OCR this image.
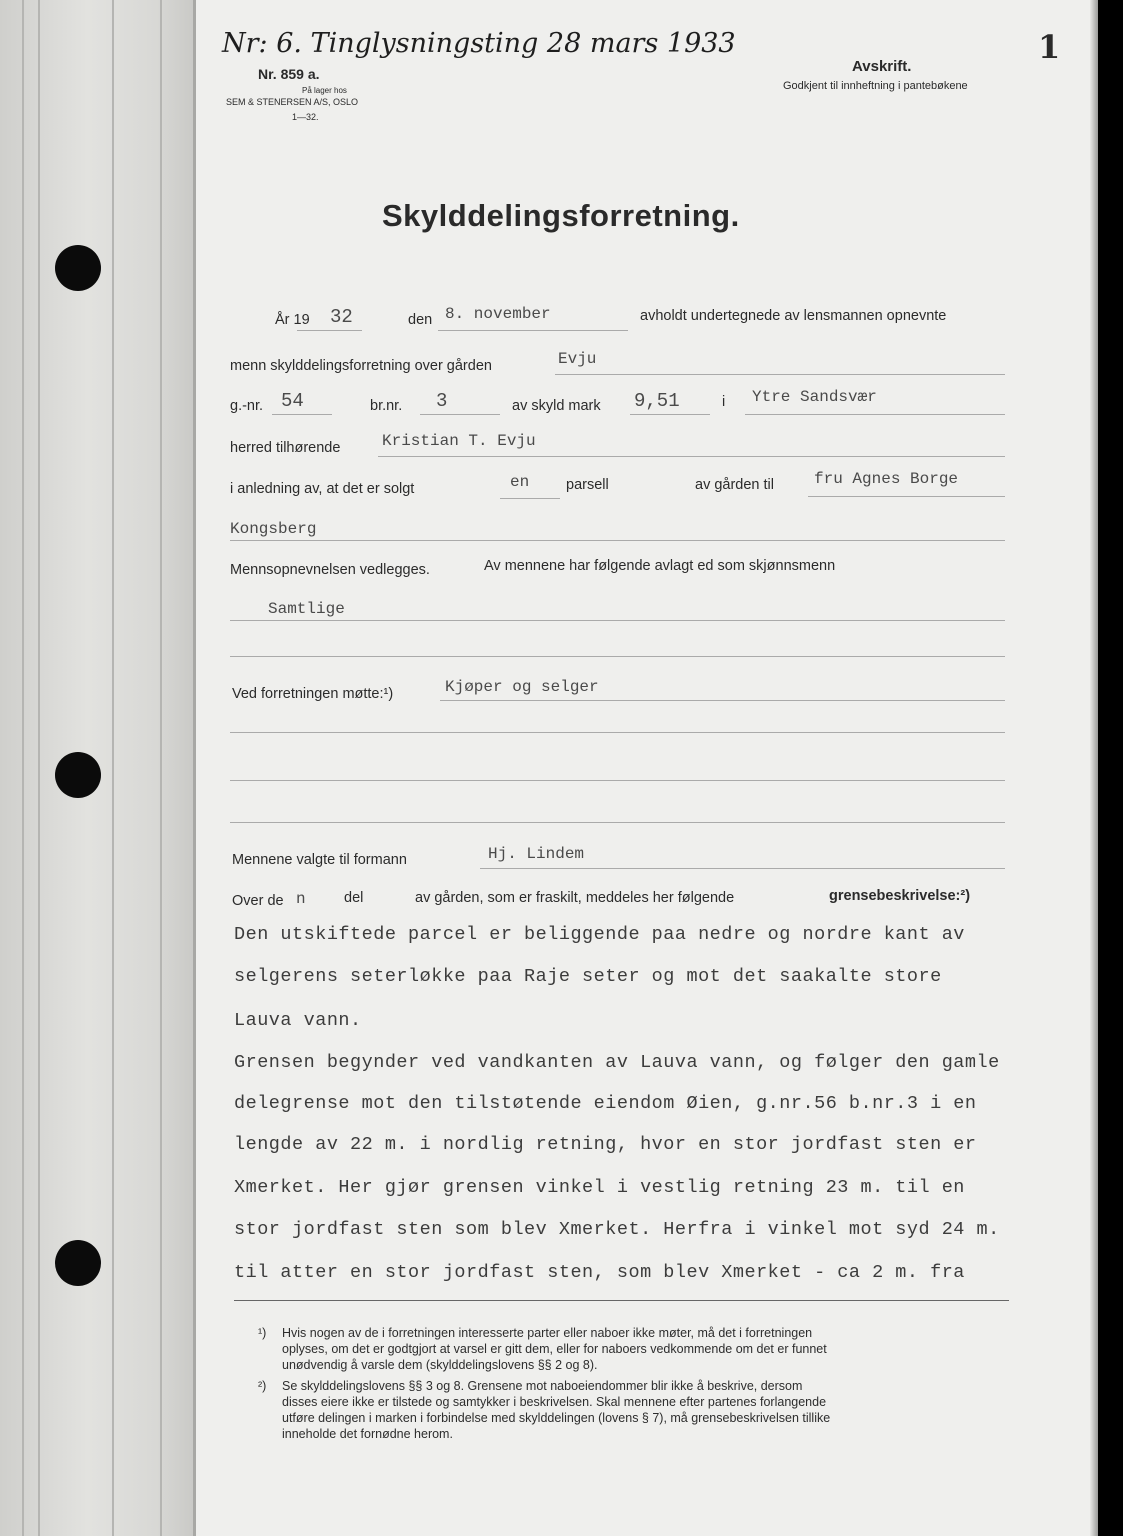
Nr: 6. Tinglysningsting 28 mars 1933
Nr. 859 a.
På lager hos
SEM & STENERSEN A/S, OSLO
1—32.
Avskrift.
Godkjent til innheftning i pantebøkene
1
Skylddelingsforretning.
År 19 32	den 8. november	avholdt undertegnede av lensmannen opnevnte
menn skylddelingsforretning over gården	Evju
g.-nr. 54	br.nr. 3	av skyld mark 9,51	i Ytre Sandsvær
herred tilhørende	Kristian T. Evju
i anledning av, at det er solgt	en	parsell	av gården til	fru Agnes Borge
Kongsberg
Mennsopnevnelsen vedlegges.	Av mennene har følgende avlagt ed som skjønnsmenn
Samtlige
Ved forretningen møtte:¹)	Kjøper og selger
Mennene valgte til formann	Hj. Lindem
Over de n	del	av gården, som er fraskilt, meddeles her følgende	grensebeskrivelse:²)
Den utskiftede parcel er beliggende paa nedre og nordre kant av
selgerens seterløkke paa Raje seter og mot det saakalte store
Lauva vann.
Grensen begynder ved vandkanten av Lauva vann, og følger den gamle
delegrense mot den tilstøtende eiendom Øien, g.nr.56 b.nr.3 i en
lengde av 22 m. i nordlig retning, hvor en stor jordfast sten er
Xmerket. Her gjør grensen vinkel i vestlig retning 23 m. til en
stor jordfast sten som blev Xmerket. Herfra i vinkel mot syd 24 m.
til atter en stor jordfast sten, som blev Xmerket - ca 2 m. fra
¹) Hvis nogen av de i forretningen interesserte parter eller naboer ikke møter, må det i forretningen
oplyses, om det er godtgjort at varsel er gitt dem, eller for naboers vedkommende om det er funnet
unødvendig å varsle dem (skylddelingslovens §§ 2 og 8).
²) Se skylddelingslovens §§ 3 og 8. Grensene mot naboeiendommer blir ikke å beskrive, dersom
disses eiere ikke er tilstede og samtykker i beskrivelsen. Skal mennene efter partenes forlangende
utføre delingen i marken i forbindelse med skylddelingen (lovens § 7), må grensebeskrivelsen tillike
inneholde det fornødne herom.
